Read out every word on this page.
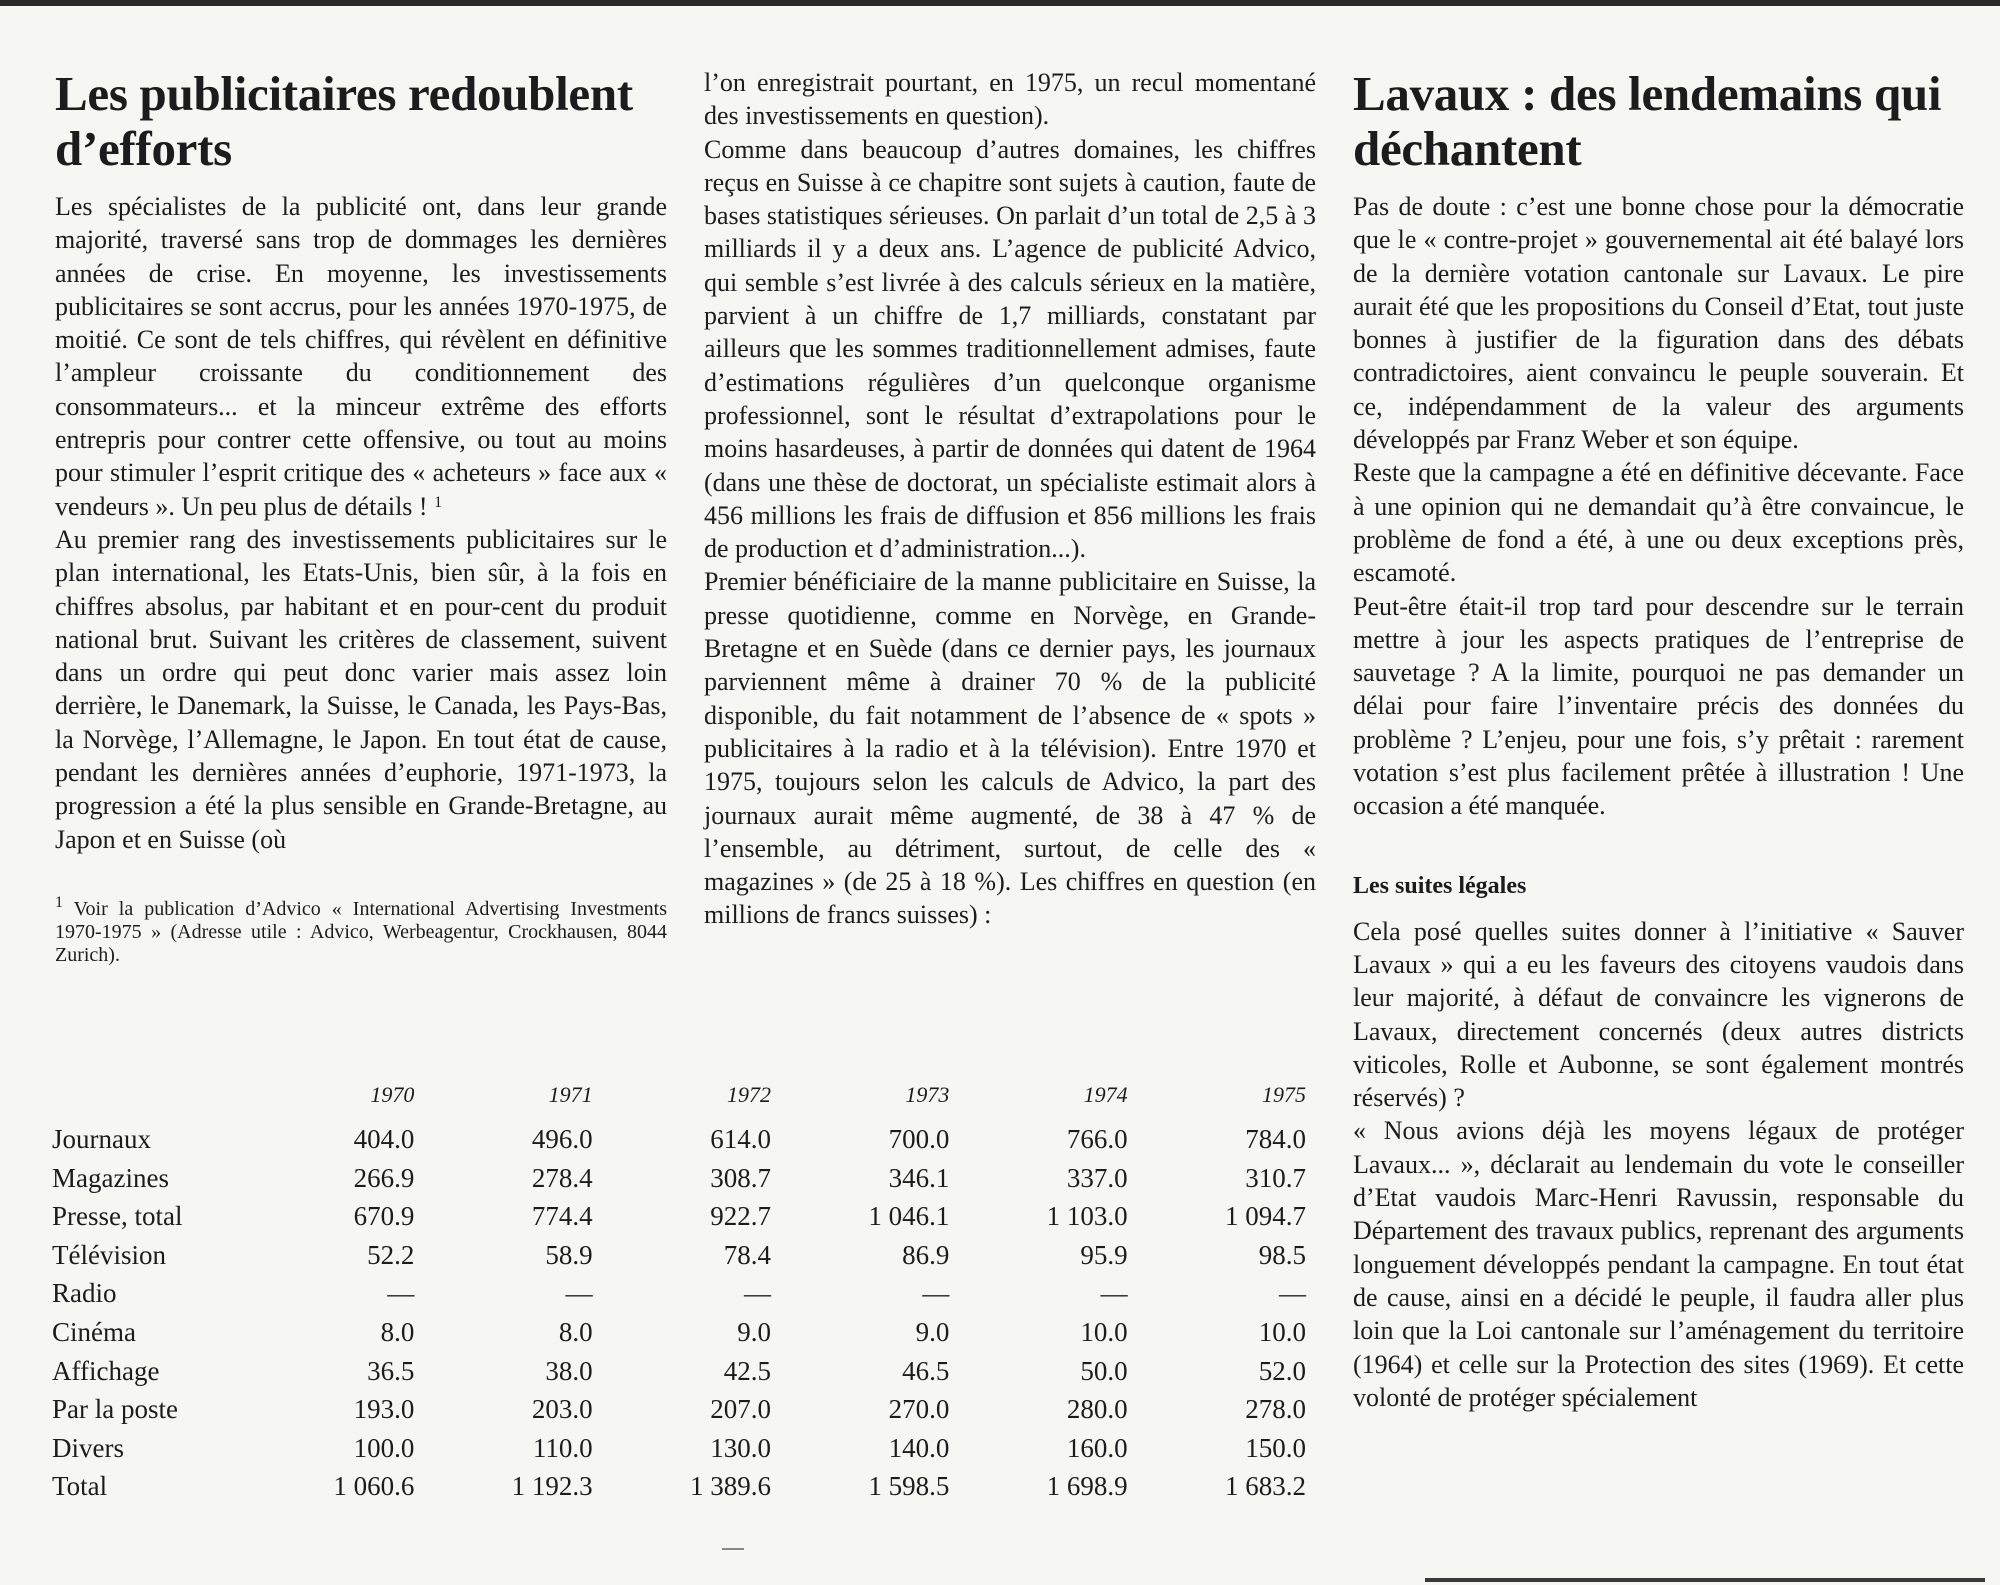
Les publicitaires redoublent d’efforts

Les spécialistes de la publicité ont, dans leur grande majorité, traversé sans trop de dommages les dernières années de crise. En moyenne, les investissements publicitaires se sont accrus, pour les années 1970-1975, de moitié. Ce sont de tels chiffres, qui révèlent en définitive l’ampleur croissante du conditionnement des consommateurs... et la minceur extrême des efforts entrepris pour contrer cette offensive, ou tout au moins pour stimuler l’esprit critique des « acheteurs » face aux « vendeurs ». Un peu plus de détails ! $^1$

Au premier rang des investissements publicitaires sur le plan international, les Etats-Unis, bien sûr, à la fois en chiffres absolus, par habitant et en pour-cent du produit national brut. Suivant les critères de classement, suivent dans un ordre qui peut donc varier mais assez loin derrière, le Danemark, la Suisse, le Canada, les Pays-Bas, la Norvège, l’Allemagne, le Japon. En tout état de cause, pendant les dernières années d’euphorie, 1971-1973, la progression a été la plus sensible en Grande-Bretagne, au Japon et en Suisse (où

$^1$ Voir la publication d’Advico « International Advertising Investments 1970-1975 » (Adresse utile : Advico, Werbeagentur, Crockhausen, 8044 Zurich).

l’on enregistrait pourtant, en 1975, un recul momentané des investissements en question).

Comme dans beaucoup d’autres domaines, les chiffres reçus en Suisse à ce chapitre sont sujets à caution, faute de bases statistiques sérieuses. On parlait d’un total de 2,5 à 3 milliards il y a deux ans. L’agence de publicité Advico, qui semble s’est livrée à des calculs sérieux en la matière, parvient à un chiffre de 1,7 milliards, constatant par ailleurs que les sommes traditionnellement admises, faute d’estimations régulières d’un quelconque organisme professionnel, sont le résultat d’extrapolations pour le moins hasardeuses, à partir de données qui datent de 1964 (dans une thèse de doctorat, un spécialiste estimait alors à 456 millions les frais de diffusion et 856 millions les frais de production et d’administration...).

Premier bénéficiaire de la manne publicitaire en Suisse, la presse quotidienne, comme en Norvège, en Grande-Bretagne et en Suède (dans ce dernier pays, les journaux parviennent même à drainer 70 % de la publicité disponible, du fait notamment de l’absence de « spots » publicitaires à la radio et à la télévision). Entre 1970 et 1975, toujours selon les calculs de Advico, la part des journaux aurait même augmenté, de 38 à 47 % de l’ensemble, au détriment, surtout, de celle des « magazines » (de 25 à 18 %). Les chiffres en question (en millions de francs suisses) :

Lavaux : des lendemains qui déchantent

Pas de doute : c’est une bonne chose pour la démocratie que le « contre-projet » gouvernemental ait été balayé lors de la dernière votation cantonale sur Lavaux. Le pire aurait été que les propositions du Conseil d’Etat, tout juste bonnes à justifier de la figuration dans des débats contradictoires, aient convaincu le peuple souverain. Et ce, indépendamment de la valeur des arguments développés par Franz Weber et son équipe.

Reste que la campagne a été en définitive décevante. Face à une opinion qui ne demandait qu’à être convaincue, le problème de fond a été, à une ou deux exceptions près, escamoté.

Peut-être était-il trop tard pour descendre sur le terrain mettre à jour les aspects pratiques de l’entreprise de sauvetage ? A la limite, pourquoi ne pas demander un délai pour faire l’inventaire précis des données du problème ? L’enjeu, pour une fois, s’y prêtait : rarement votation s’est plus facilement prêtée à illustration ! Une occasion a été manquée.

Les suites légales

Cela posé quelles suites donner à l’initiative « Sauver Lavaux » qui a eu les faveurs des citoyens vaudois dans leur majorité, à défaut de convaincre les vignerons de Lavaux, directement concernés (deux autres districts viticoles, Rolle et Aubonne, se sont également montrés réservés) ?

« Nous avions déjà les moyens légaux de protéger Lavaux... », déclarait au lendemain du vote le conseiller d’Etat vaudois Marc-Henri Ravussin, responsable du Département des travaux publics, reprenant des arguments longuement développés pendant la campagne. En tout état de cause, ainsi en a décidé le peuple, il faudra aller plus loin que la Loi cantonale sur l’aménagement du territoire (1964) et celle sur la Protection des sites (1969). Et cette volonté de protéger spécialement

	1970	1971	1972	1973	1974	1975
Journaux	404.0	496.0	614.0	700.0	766.0	784.0
Magazines	266.9	278.4	308.7	346.1	337.0	310.7
Presse, total	670.9	774.4	922.7	1 046.1	1 103.0	1 094.7
Télévision	52.2	58.9	78.4	86.9	95.9	98.5
Radio	—	—	—	—	—	—
Cinéma	8.0	8.0	9.0	9.0	10.0	10.0
Affichage	36.5	38.0	42.5	46.5	50.0	52.0
Par la poste	193.0	203.0	207.0	270.0	280.0	278.0
Divers	100.0	110.0	130.0	140.0	160.0	150.0
Total	1 060.6	1 192.3	1 389.6	1 598.5	1 698.9	1 683.2
